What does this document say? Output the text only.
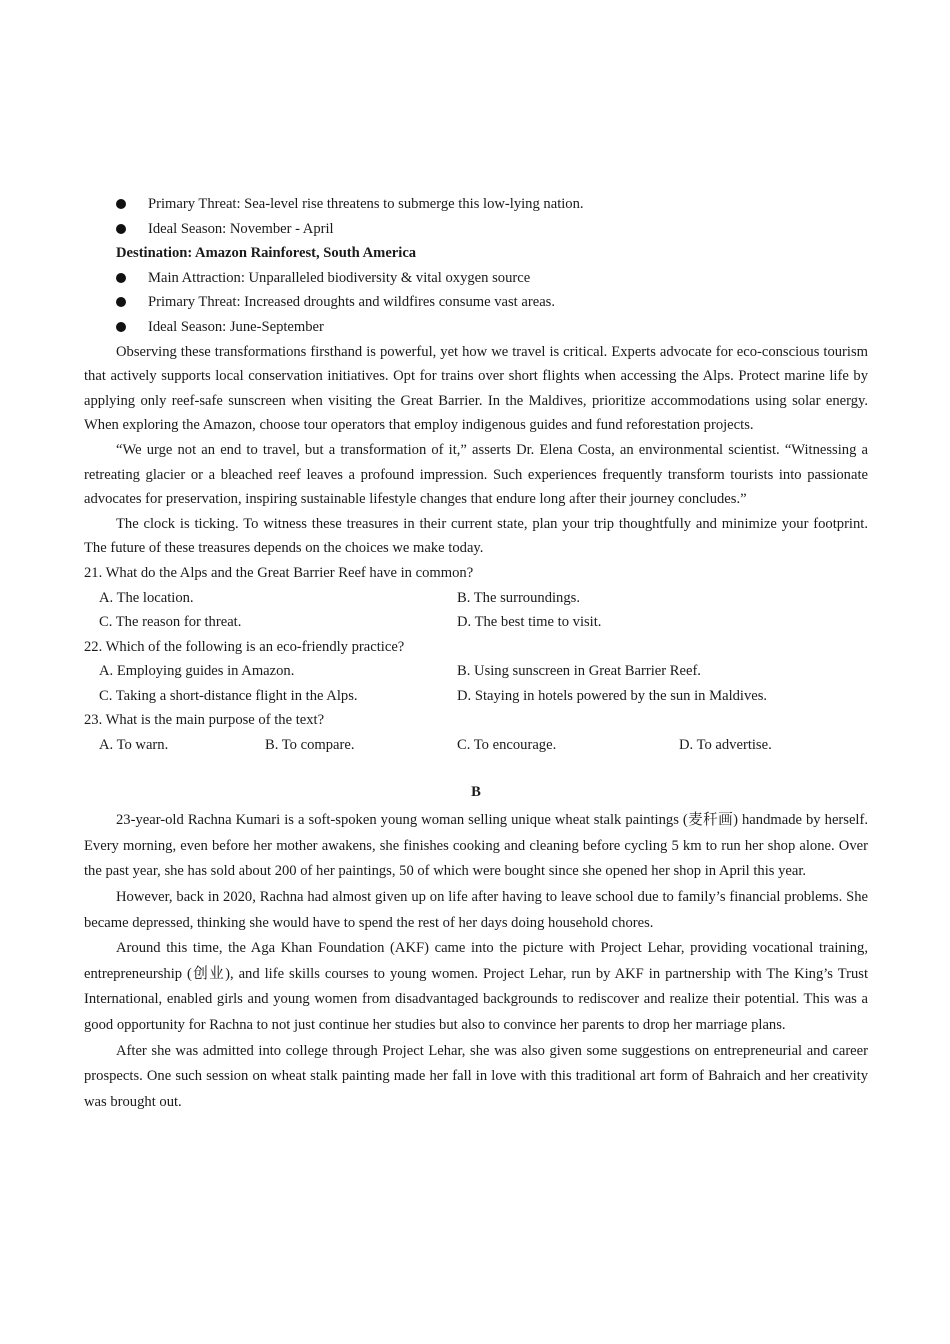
Primary Threat: Sea-level rise threatens to submerge this low-lying nation.
Ideal Season: November - April
Destination: Amazon Rainforest, South America
Main Attraction: Unparalleled biodiversity & vital oxygen source
Primary Threat: Increased droughts and wildfires consume vast areas.
Ideal Season: June-September

Observing these transformations firsthand is powerful, yet how we travel is critical. Experts advocate for eco-conscious tourism that actively supports local conservation initiatives. Opt for trains over short flights when accessing the Alps. Protect marine life by applying only reef-safe sunscreen when visiting the Great Barrier. In the Maldives, prioritize accommodations using solar energy. When exploring the Amazon, choose tour operators that employ indigenous guides and fund reforestation projects.

“We urge not an end to travel, but a transformation of it,” asserts Dr. Elena Costa, an environmental scientist. “Witnessing a retreating glacier or a bleached reef leaves a profound impression. Such experiences frequently transform tourists into passionate advocates for preservation, inspiring sustainable lifestyle changes that endure long after their journey concludes.”

The clock is ticking. To witness these treasures in their current state, plan your trip thoughtfully and minimize your footprint. The future of these treasures depends on the choices we make today.

21. What do the Alps and the Great Barrier Reef have in common?
A. The location.	B. The surroundings.
C. The reason for threat.	D. The best time to visit.
22. Which of the following is an eco-friendly practice?
A. Employing guides in Amazon.	B. Using sunscreen in Great Barrier Reef.
C. Taking a short-distance flight in the Alps.	D. Staying in hotels powered by the sun in Maldives.
23. What is the main purpose of the text?
A. To warn.	B. To compare.	C. To encourage.	D. To advertise.
B

23-year-old Rachna Kumari is a soft-spoken young woman selling unique wheat stalk paintings (麦秆画) handmade by herself. Every morning, even before her mother awakens, she finishes cooking and cleaning before cycling 5 km to run her shop alone. Over the past year, she has sold about 200 of her paintings, 50 of which were bought since she opened her shop in April this year.

However, back in 2020, Rachna had almost given up on life after having to leave school due to family’s financial problems. She became depressed, thinking she would have to spend the rest of her days doing household chores.

Around this time, the Aga Khan Foundation (AKF) came into the picture with Project Lehar, providing vocational training, entrepreneurship (创业), and life skills courses to young women. Project Lehar, run by AKF in partnership with The King’s Trust International, enabled girls and young women from disadvantaged backgrounds to rediscover and realize their potential. This was a good opportunity for Rachna to not just continue her studies but also to convince her parents to drop her marriage plans.

After she was admitted into college through Project Lehar, she was also given some suggestions on entrepreneurial and career prospects. One such session on wheat stalk painting made her fall in love with this traditional art form of Bahraich and her creativity was brought out.
